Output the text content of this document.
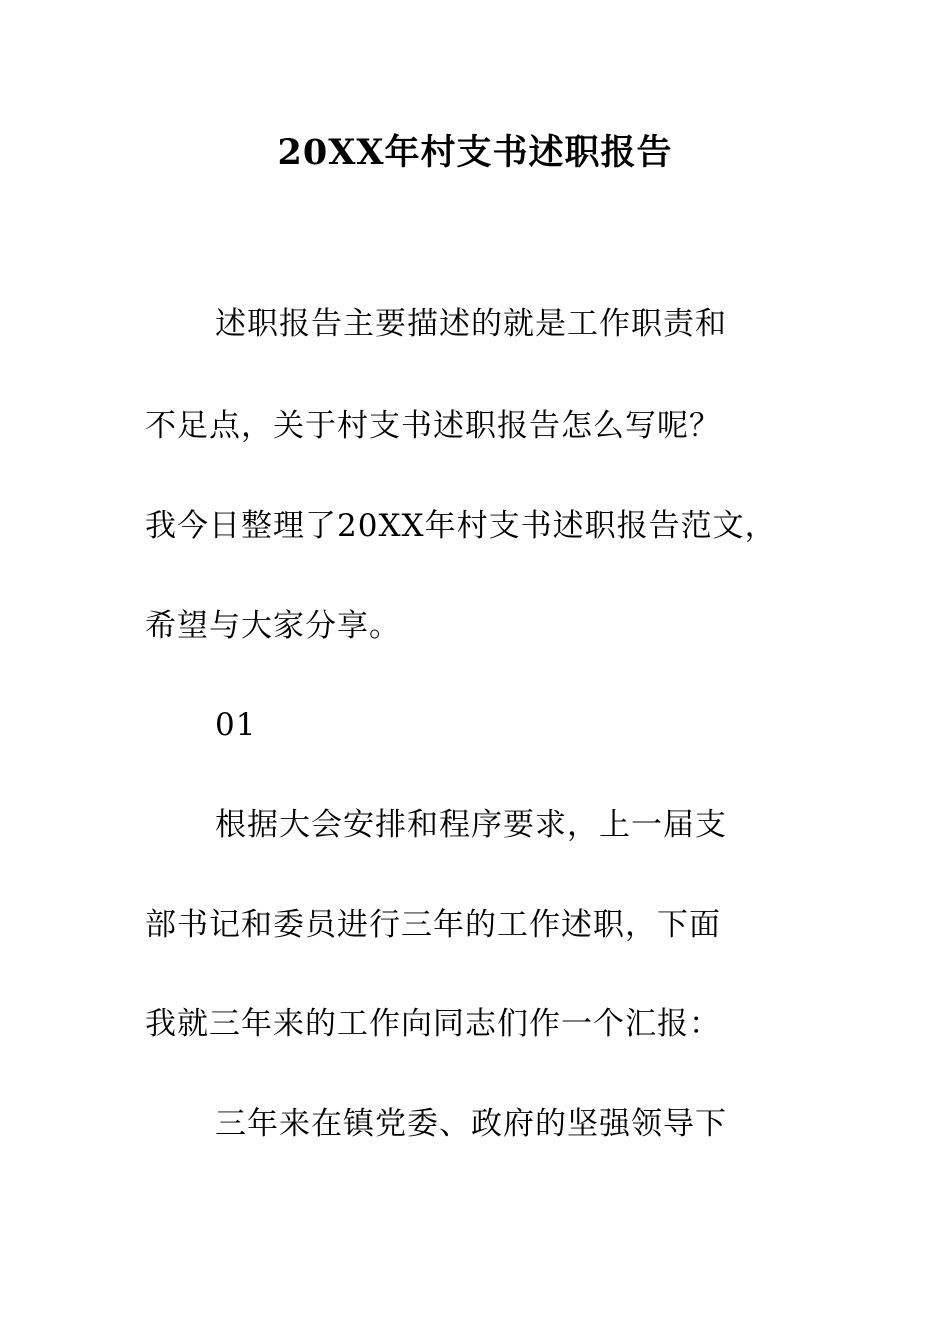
20XX年村支书述职报告

述职报告主要描述的就是工作职责和

不足点，关于村支书述职报告怎么写呢？

我今日整理了20XX年村支书述职报告范文，

希望与大家分享。

01

根据大会安排和程序要求，上一届支

部书记和委员进行三年的工作述职，下面

我就三年来的工作向同志们作一个汇报：

三年来在镇党委、政府的坚强领导下
